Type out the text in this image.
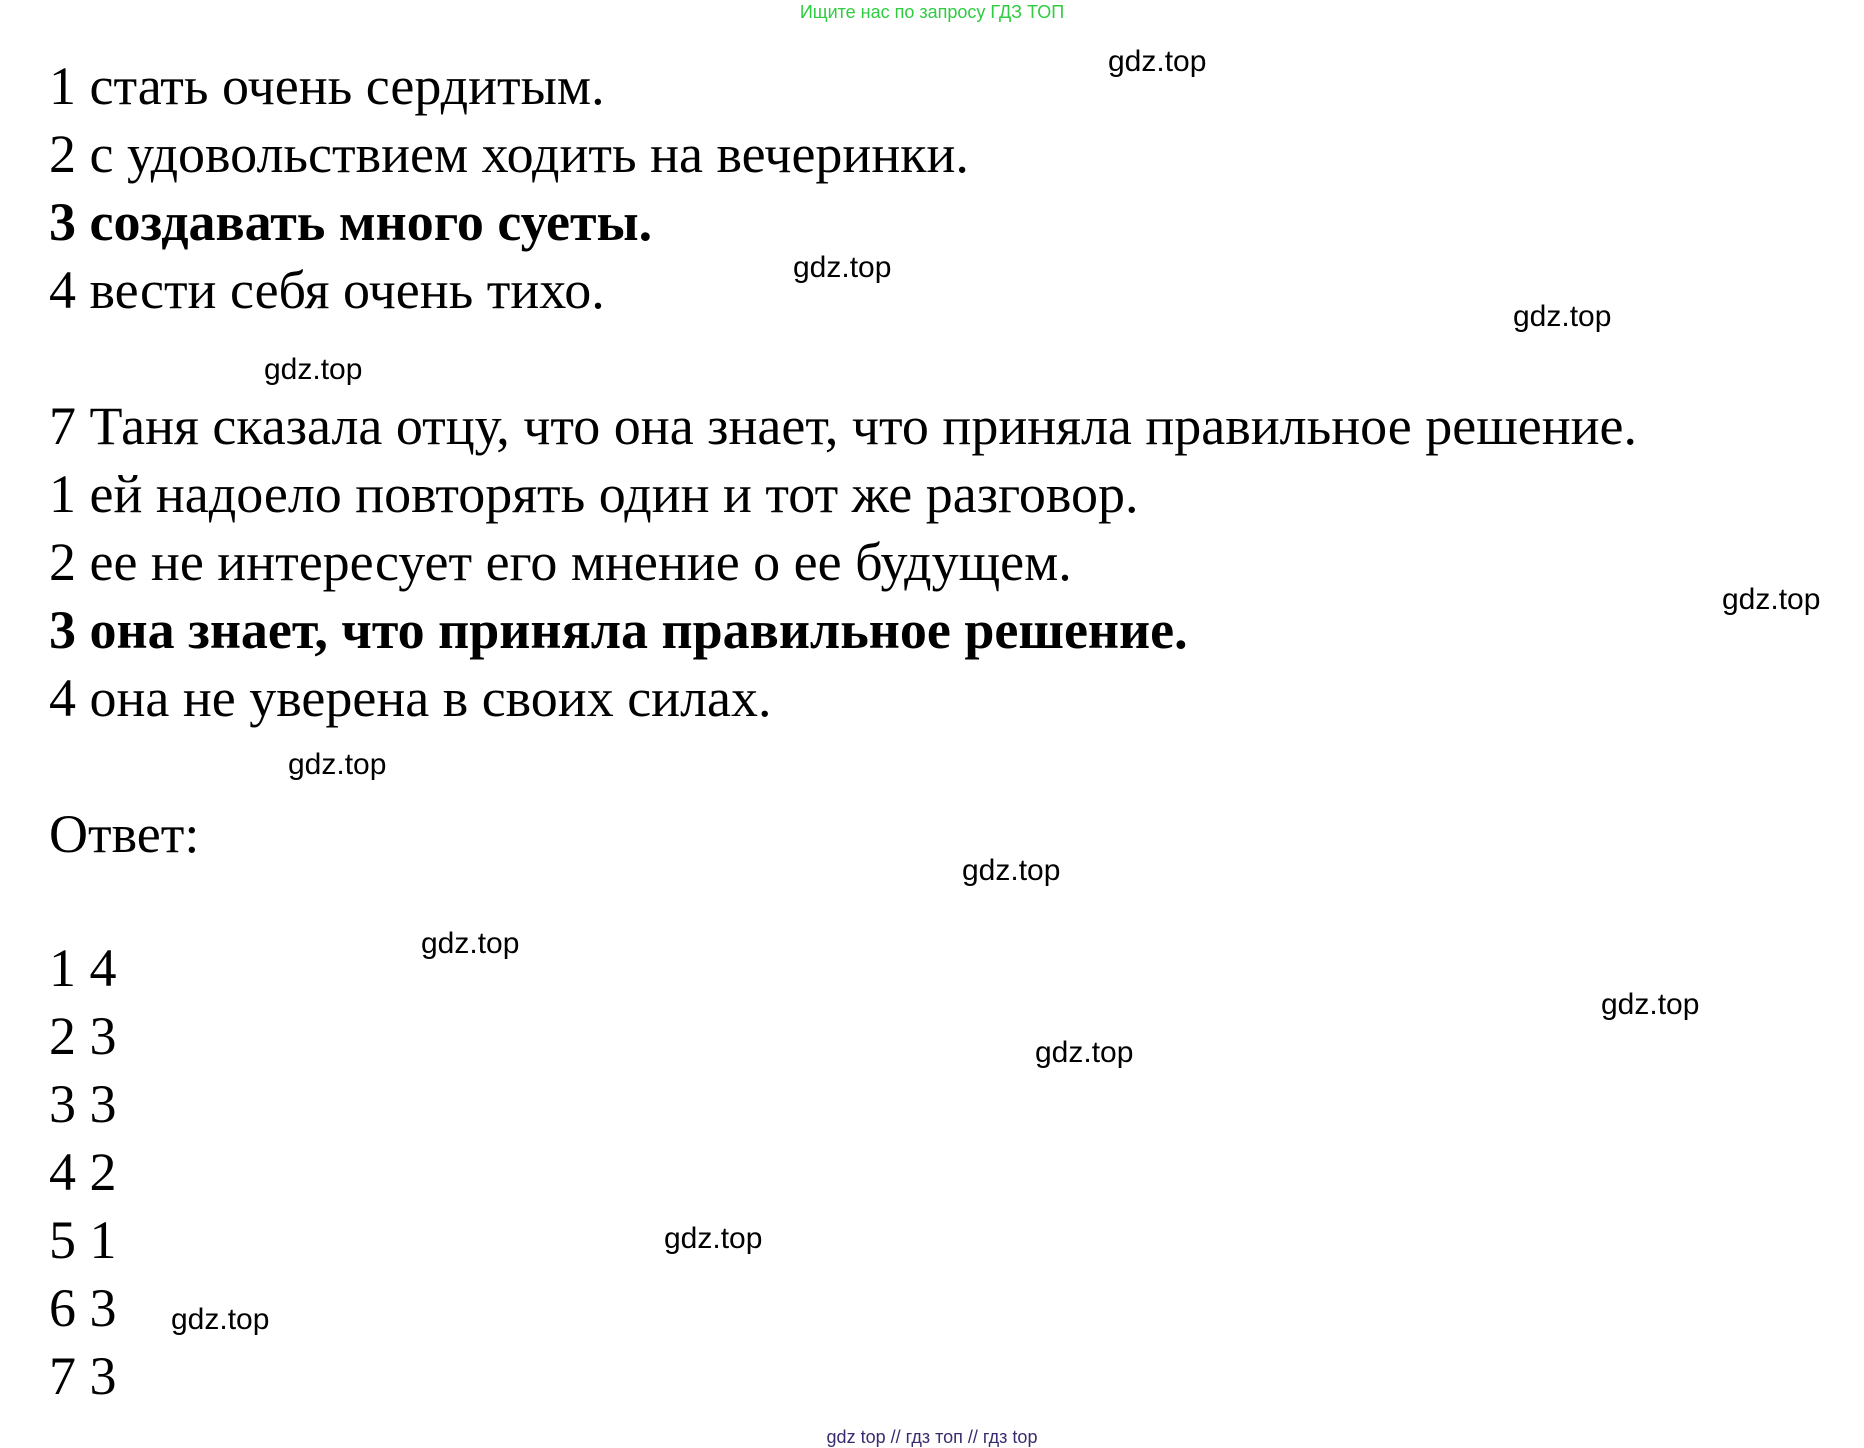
Ищите нас по запросу ГДЗ ТОП
1 стать очень сердитым.
2 с удовольствием ходить на вечеринки.
3 создавать много суеты.
4 вести себя очень тихо.
7 Таня сказала отцу, что она знает, что приняла правильное решение.
1 ей надоело повторять один и тот же разговор.
2 ее не интересует его мнение о ее будущем.
3 она знает, что приняла правильное решение.
4 она не уверена в своих силах.
Ответ:
1 4
2 3
3 3
4 2
5 1
6 3
7 3
gdz.top
gdz.top
gdz.top
gdz.top
gdz.top
gdz.top
gdz.top
gdz.top
gdz.top
gdz.top
gdz.top
gdz.top
gdz top // гдз топ // гдз top
